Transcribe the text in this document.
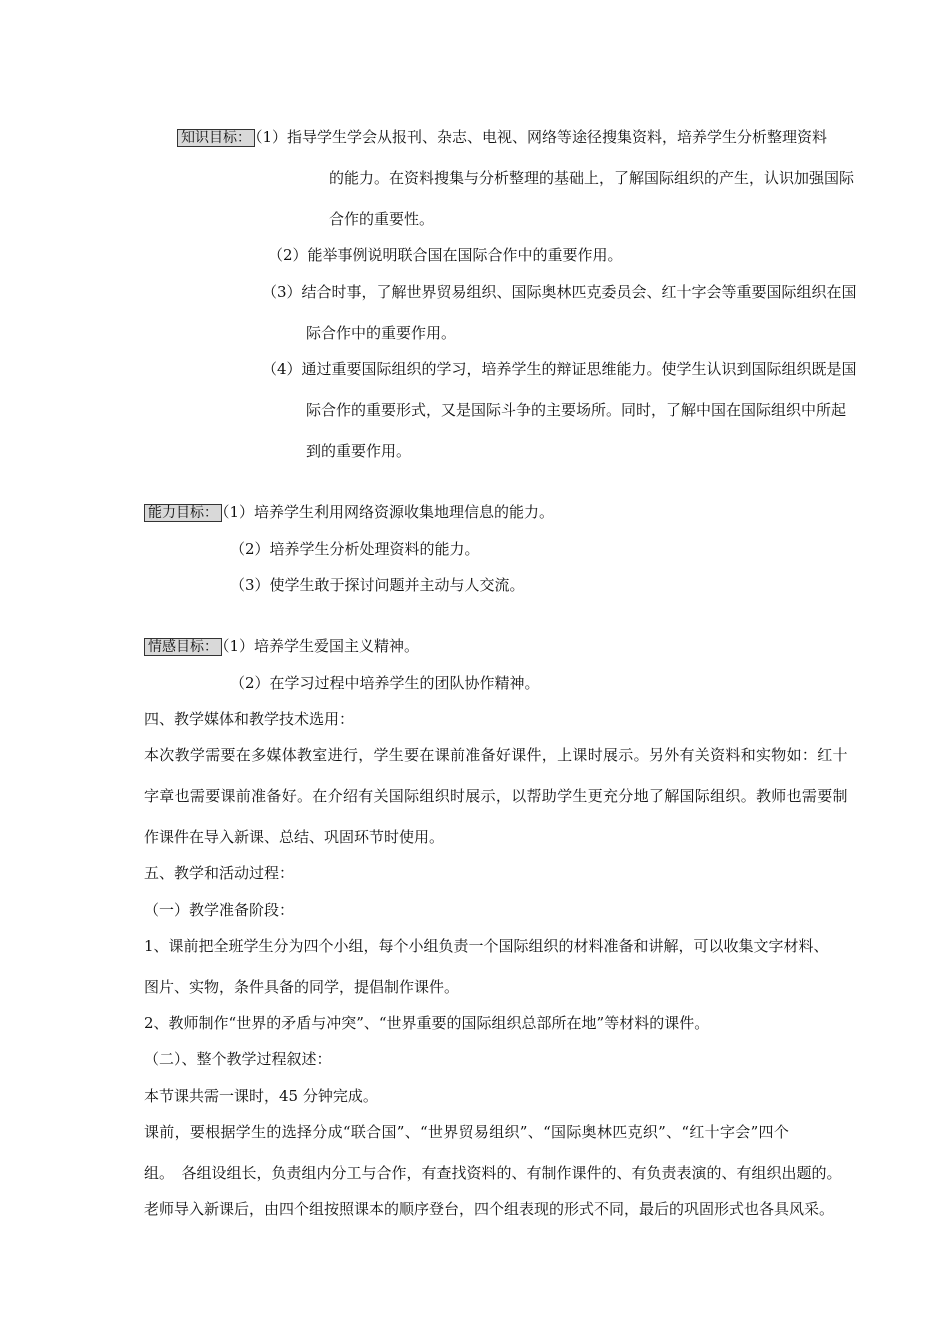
知识目标： （1）指导学生学会从报刊、杂志、电视、网络等途径搜集资料，培养学生分析整理资料
的能力。在资料搜集与分析整理的基础上，了解国际组织的产生，认识加强国际
合作的重要性。
（2）能举事例说明联合国在国际合作中的重要作用。
（3）结合时事，了解世界贸易组织、国际奥林匹克委员会、红十字会等重要国际组织在国
际合作中的重要作用。
（4）通过重要国际组织的学习，培养学生的辩证思维能力。使学生认识到国际组织既是国
际合作的重要形式，又是国际斗争的主要场所。同时，了解中国在国际组织中所起
到的重要作用。
能力目标： （1）培养学生利用网络资源收集地理信息的能力。
（2）培养学生分析处理资料的能力。
（3）使学生敢于探讨问题并主动与人交流。
情感目标： （1）培养学生爱国主义精神。
（2）在学习过程中培养学生的团队协作精神。
四、教学媒体和教学技术选用：
本次教学需要在多媒体教室进行，学生要在课前准备好课件，上课时展示。另外有关资料和实物如：红十
字章也需要课前准备好。在介绍有关国际组织时展示，以帮助学生更充分地了解国际组织。教师也需要制
作课件在导入新课、总结、巩固环节时使用。
五、教学和活动过程：
（一）教学准备阶段：
1、课前把全班学生分为四个小组，每个小组负责一个国际组织的材料准备和讲解，可以收集文字材料、
图片、实物，条件具备的同学，提倡制作课件。
2、教师制作“世界的矛盾与冲突”、“世界重要的国际组织总部所在地”等材料的课件。
（二）、整个教学过程叙述：
本节课共需一课时，45 分钟完成。
课前，要根据学生的选择分成“联合国”、“世界贸易组织”、“国际奥林匹克织”、“红十字会”四个
组。　各组设组长，负责组内分工与合作，有查找资料的、有制作课件的、有负责表演的、有组织出题的。
老师导入新课后，由四个组按照课本的顺序登台，四个组表现的形式不同，最后的巩固形式也各具风采。
